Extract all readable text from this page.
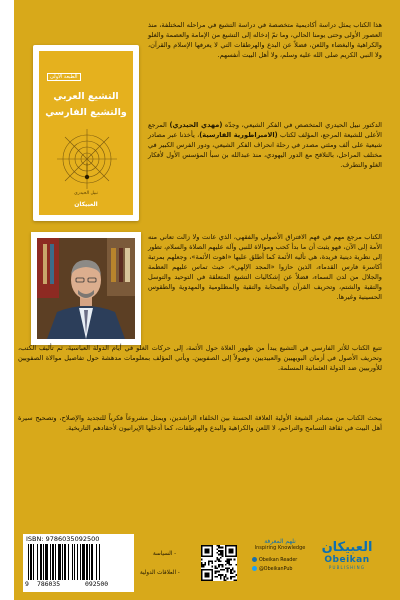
الطبعة الأولى
التشيع العربي
والتشيع الفارسي
نبيل الحيدري
العبيكان
هذا الكتاب يمثل دراسة أكاديمية متخصصة في دراسة التشيع في مراحله المختلفة، منذ العصور الأولى وحتى يومنا الحالي، وما تمّ إدخاله إلى التشيع من الإمامة والعصمة والغلو والكراهية والبغضاء واللعن، فضلاً عن البدع والهرطقات التي لا يعرفها الإسلام والقرآن، ولا النبي الكريم صلى الله عليه وسلم، ولا أهل البيت أنفسهم.
الدكتور نبيل الحيدري المتخصص في الفكر الشيعي، وجدّه (مهدي الحيدري) المرجع الأعلى للشيعة المرجع، المؤلف لكتاب (الامبراطورية الفارسية)، يأخذنا عبر مصادر شيعية على ألف ومئتي مصدر في رحلة انحراف الفكر الشيعي، ودور الفرس الكبير في مختلف المراحل، بالتلاقح مع الدور اليهودي، منذ عبدالله بن سبأ المؤسس الأول لأفكار الغلو والتطرف.
الكتاب مرجع مهم في فهم الافتراق الأصولي والفقهي، الذي عانت ولا زالت تعاني منه الأمة إلى الآن، فهو يثبت أن ما بدأ كحب وموالاة للنبي وآله عليهم الصلاة والسلام، تطور إلى نظرية دينية فريدة، هي تأليه الأئمة كما أطلق عليها «اهوت الأئمة»، وجعلهم بمرتبة أكاسرة فارس القدماء، الذين حازوا «المجد الإلهي»، حيث تماس عليهم العظمة والجلال من لدن السماء، فضلاً عن إشكاليات التشيع المتعلقة في التوحيد والتوسل والتقية والشتم، وتحريف القرآن والصحابة والتقية والمظلومية والمهدوية والطقوس الحسينية وغيرها.
تتبع الكتاب للأثر الفارسي في التشيع يبدأ من ظهور الغلاة حول الأئمة، إلى حركات الغلو في أيام الدولة العباسية، ثم تأليف الكتب، وتحريف الأصول في أزمان البويهيين والعبيديين، وصولاً إلى الصفويين. ويأتي المؤلف بمعلومات مدهشة حول تفاصيل موالاة الصفويين للأوربيين ضد الدولة العثمانية المسلمة.
يبحث الكتاب من مصادر الشيعة الأولية العلاقة الحسنة بين الخلفاء الراشدين، ويمثل مشروعاً فكرياً للتجديد والإصلاح، وتصحيح سيرة أهل البيت في ثقافة التسامح والتراحم، لا اللعن والكراهية والبدع والهرطقات، كما أدخلها الإيرانيون لأحقادهم التاريخية.
ISBN: 9786035092500
9 786035	092500
- السياسة
- العلاقات الدولية
نلهم المعرفة
Inspiring Knowledge
Obeikan Reader
@ObeikanPub
العبيكان
Obeikan
PUBLISHING
